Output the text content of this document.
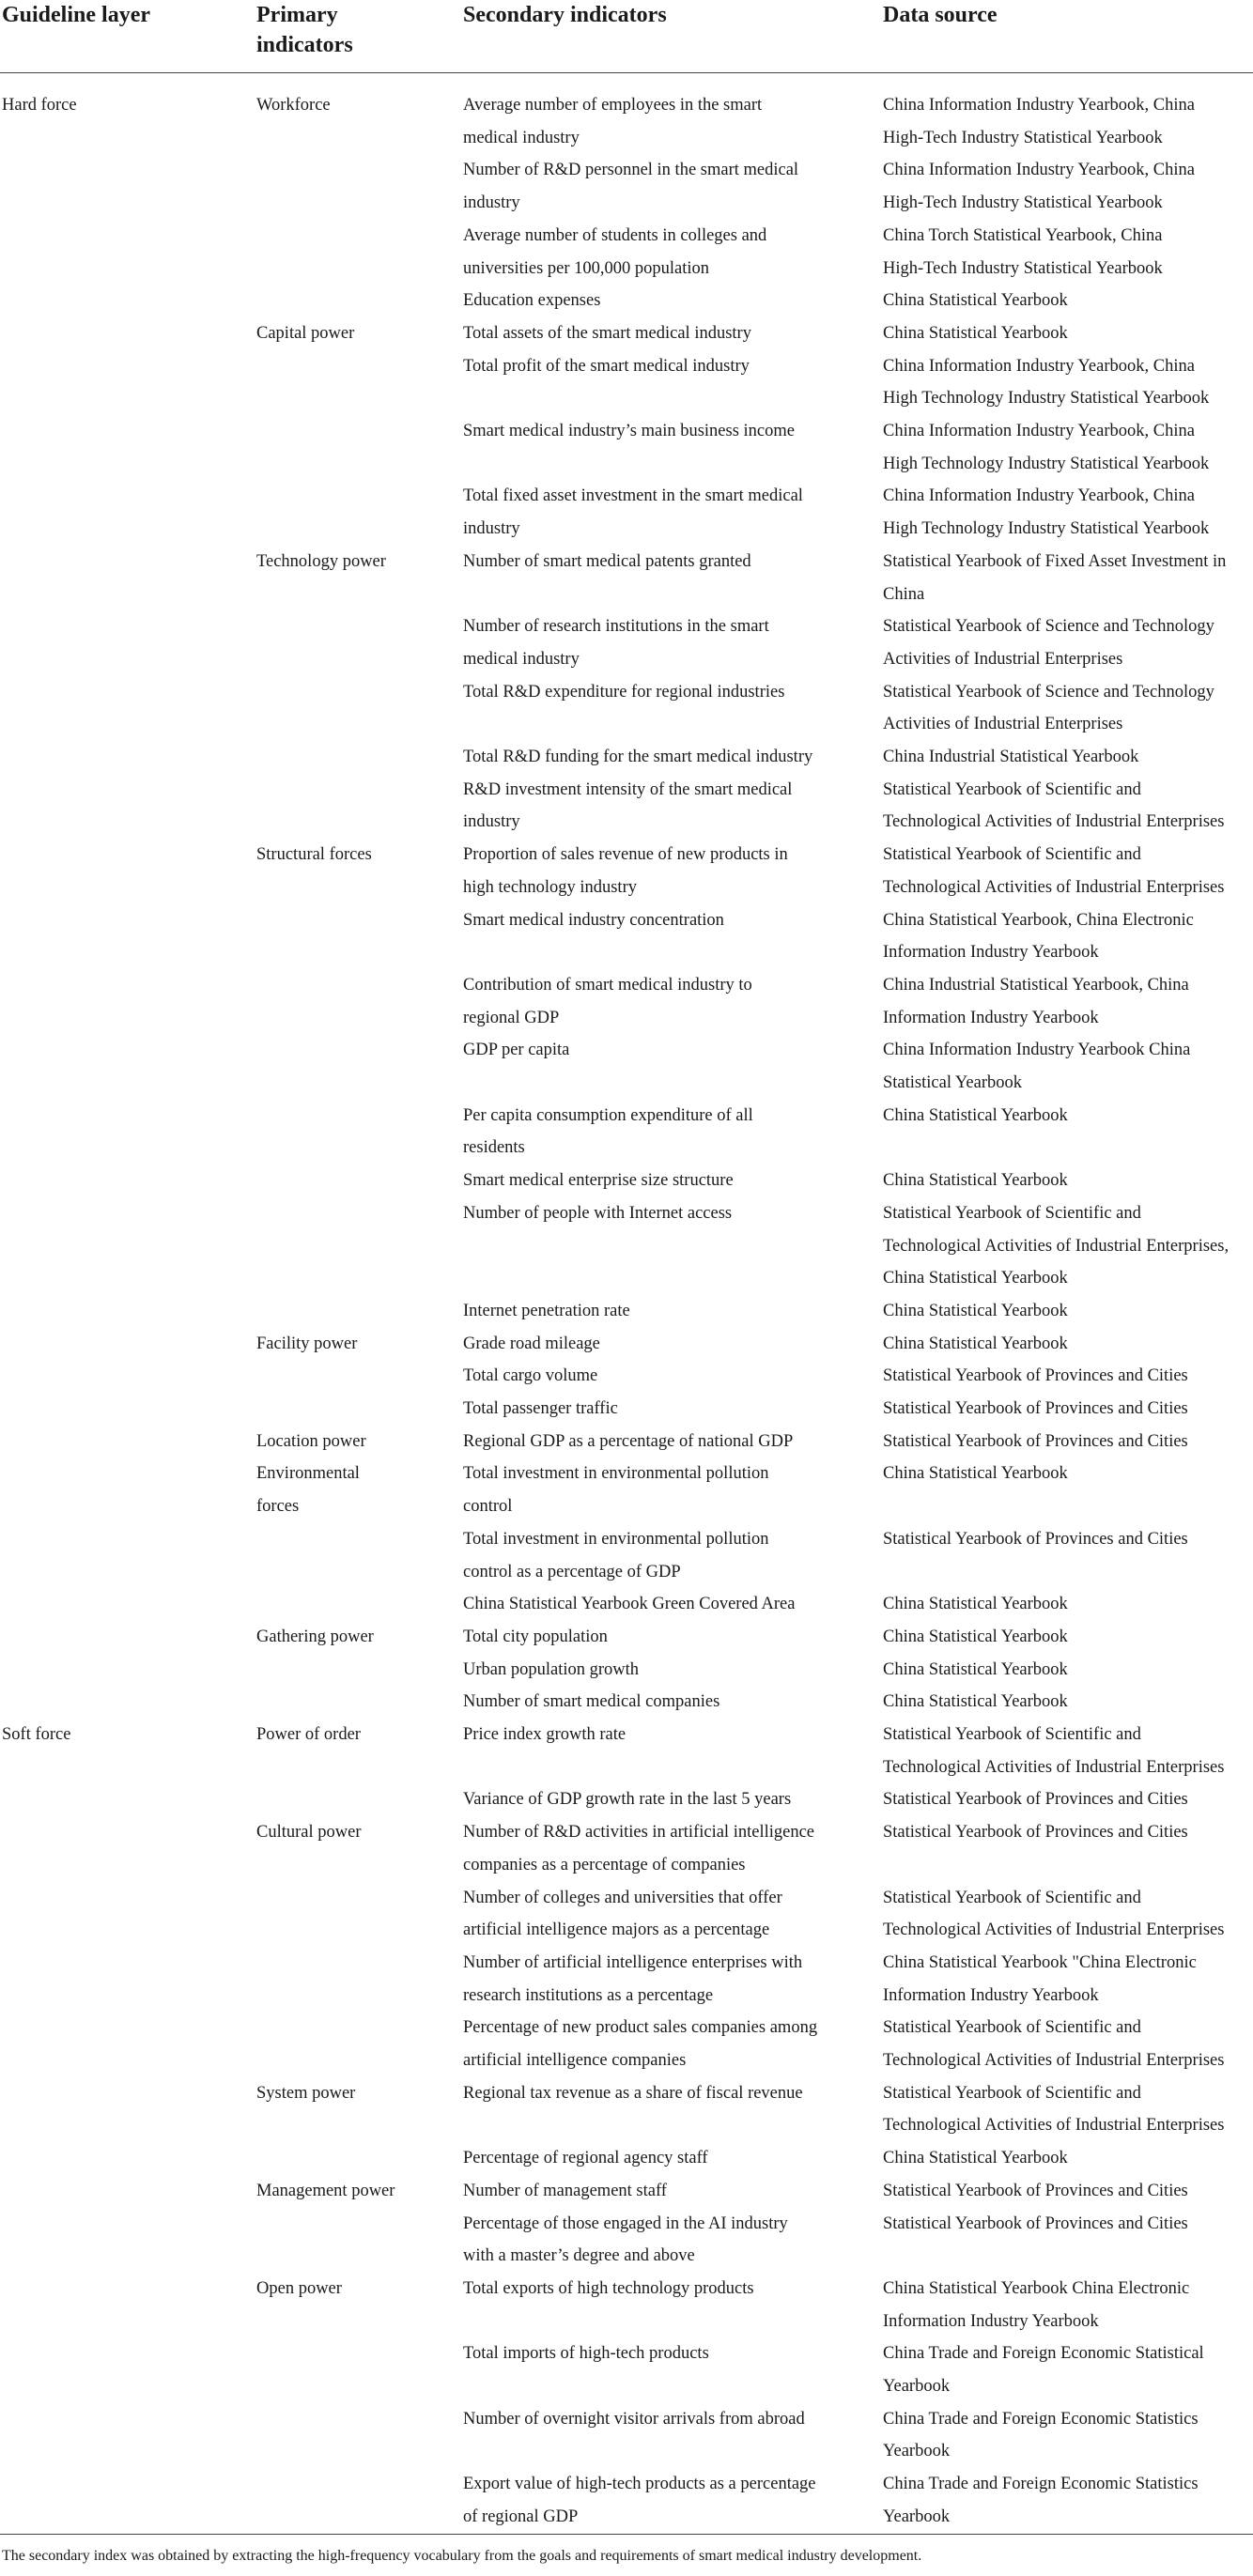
Guideline layer	Primary
indicators
Secondary indicators	Data source
Hard force
Soft force
Workforce
Capital power
Technology power
Structural forces
Facility power
Location power
Environmental
forces
Gathering power
Power of order
Cultural power
System power
Management power
Open power
Average number of employees in the smart
medical industry
Number of R&D personnel in the smart medical
industry
Average number of students in colleges and
universities per 100,000 population
Education expenses
Total assets of the smart medical industry
Total profit of the smart medical industry
Smart medical industry’s main business income
Total fixed asset investment in the smart medical
industry
Number of smart medical patents granted
Number of research institutions in the smart
medical industry
Total R&D expenditure for regional industries
Total R&D funding for the smart medical industry
R&D investment intensity of the smart medical
industry
Proportion of sales revenue of new products in
high technology industry
Smart medical industry concentration
Contribution of smart medical industry to
regional GDP
GDP per capita
Per capita consumption expenditure of all
residents
Smart medical enterprise size structure
Number of people with Internet access
Internet penetration rate
Grade road mileage
Total cargo volume
Total passenger traffic
Regional GDP as a percentage of national GDP
Total investment in environmental pollution
control
Total investment in environmental pollution
control as a percentage of GDP
China Statistical Yearbook Green Covered Area
Total city population
Urban population growth
Number of smart medical companies
Price index growth rate
Variance of GDP growth rate in the last 5 years
Number of R&D activities in artificial intelligence
companies as a percentage of companies
Number of colleges and universities that offer
artificial intelligence majors as a percentage
Number of artificial intelligence enterprises with
research institutions as a percentage
Percentage of new product sales companies among
artificial intelligence companies
Regional tax revenue as a share of fiscal revenue
Percentage of regional agency staff
Number of management staff
Percentage of those engaged in the AI industry
with a master’s degree and above
Total exports of high technology products
Total imports of high-tech products
Number of overnight visitor arrivals from abroad
Export value of high-tech products as a percentage
of regional GDP
China Information Industry Yearbook, China
High-Tech Industry Statistical Yearbook
China Information Industry Yearbook, China
High-Tech Industry Statistical Yearbook
China Torch Statistical Yearbook, China
High-Tech Industry Statistical Yearbook
China Statistical Yearbook
China Statistical Yearbook
China Information Industry Yearbook, China
High Technology Industry Statistical Yearbook
China Information Industry Yearbook, China
High Technology Industry Statistical Yearbook
China Information Industry Yearbook, China
High Technology Industry Statistical Yearbook
Statistical Yearbook of Fixed Asset Investment in
China
Statistical Yearbook of Science and Technology
Activities of Industrial Enterprises
Statistical Yearbook of Science and Technology
Activities of Industrial Enterprises
China Industrial Statistical Yearbook
Statistical Yearbook of Scientific and
Technological Activities of Industrial Enterprises
Statistical Yearbook of Scientific and
Technological Activities of Industrial Enterprises
China Statistical Yearbook, China Electronic
Information Industry Yearbook
China Industrial Statistical Yearbook, China
Information Industry Yearbook
China Information Industry Yearbook China
Statistical Yearbook
China Statistical Yearbook
China Statistical Yearbook
Statistical Yearbook of Scientific and
Technological Activities of Industrial Enterprises,
China Statistical Yearbook
China Statistical Yearbook
China Statistical Yearbook
Statistical Yearbook of Provinces and Cities
Statistical Yearbook of Provinces and Cities
Statistical Yearbook of Provinces and Cities
China Statistical Yearbook
Statistical Yearbook of Provinces and Cities
China Statistical Yearbook
China Statistical Yearbook
China Statistical Yearbook
China Statistical Yearbook
Statistical Yearbook of Scientific and
Technological Activities of Industrial Enterprises
Statistical Yearbook of Provinces and Cities
Statistical Yearbook of Provinces and Cities
Statistical Yearbook of Scientific and
Technological Activities of Industrial Enterprises
China Statistical Yearbook "China Electronic
Information Industry Yearbook
Statistical Yearbook of Scientific and
Technological Activities of Industrial Enterprises
Statistical Yearbook of Scientific and
Technological Activities of Industrial Enterprises
China Statistical Yearbook
Statistical Yearbook of Provinces and Cities
Statistical Yearbook of Provinces and Cities
China Statistical Yearbook China Electronic
Information Industry Yearbook
China Trade and Foreign Economic Statistical
Yearbook
China Trade and Foreign Economic Statistics
Yearbook
China Trade and Foreign Economic Statistics
Yearbook
The secondary index was obtained by extracting the high-frequency vocabulary from the goals and requirements of smart medical industry development.
